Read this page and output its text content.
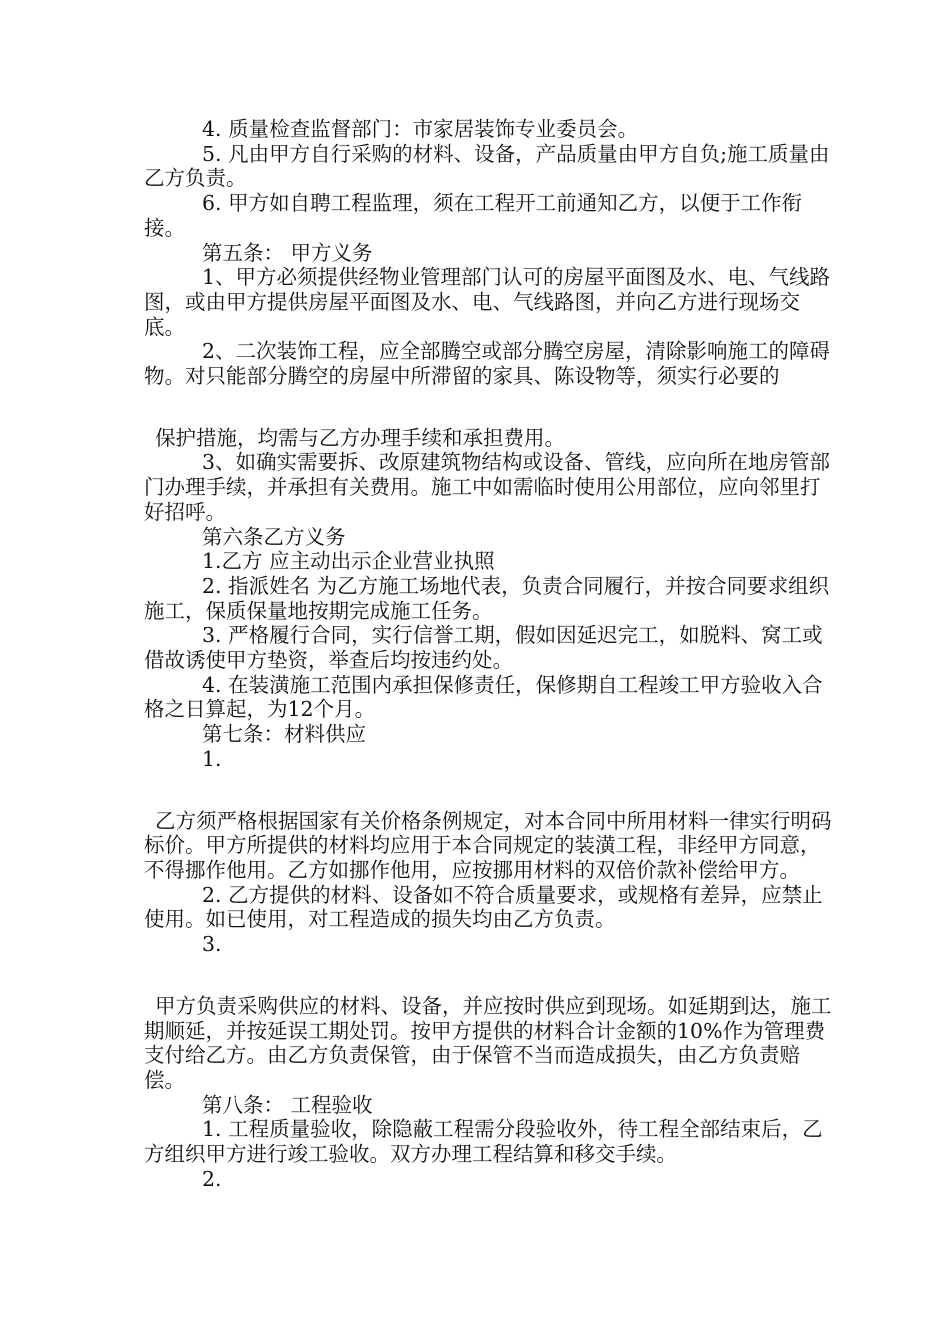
4. 质量检查监督部门：市家居装饰专业委员会。

5. 凡由甲方自行采购的材料、设备，产品质量由甲方自负;施工质量由乙方负责。

6. 甲方如自聘工程监理，须在工程开工前通知乙方，以便于工作衔接。

第五条： 甲方义务

1、甲方必须提供经物业管理部门认可的房屋平面图及水、电、气线路图，或由甲方提供房屋平面图及水、电、气线路图，并向乙方进行现场交底。

2、二次装饰工程，应全部腾空或部分腾空房屋，清除影响施工的障碍物。对只能部分腾空的房屋中所滞留的家具、陈设物等，须实行必要的

保护措施，均需与乙方办理手续和承担费用。

3、如确实需要拆、改原建筑物结构或设备、管线，应向所在地房管部门办理手续，并承担有关费用。施工中如需临时使用公用部位，应向邻里打好招呼。

第六条乙方义务

1.乙方 应主动出示企业营业执照

2. 指派姓名 为乙方施工场地代表，负责合同履行，并按合同要求组织施工，保质保量地按期完成施工任务。

3. 严格履行合同，实行信誉工期，假如因延迟完工，如脱料、窝工或借故诱使甲方垫资，举查后均按违约处。

4. 在装潢施工范围内承担保修责任，保修期自工程竣工甲方验收入合格之日算起，为12个月。

第七条：材料供应

1.

乙方须严格根据国家有关价格条例规定，对本合同中所用材料一律实行明码标价。甲方所提供的材料均应用于本合同规定的装潢工程，非经甲方同意，不得挪作他用。乙方如挪作他用，应按挪用材料的双倍价款补偿给甲方。

2. 乙方提供的材料、设备如不符合质量要求，或规格有差异，应禁止使用。如已使用，对工程造成的损失均由乙方负责。

3.

甲方负责采购供应的材料、设备，并应按时供应到现场。如延期到达，施工期顺延，并按延误工期处罚。按甲方提供的材料合计金额的10%作为管理费支付给乙方。由乙方负责保管，由于保管不当而造成损失，由乙方负责赔偿。

第八条： 工程验收

1. 工程质量验收，除隐蔽工程需分段验收外，待工程全部结束后，乙方组织甲方进行竣工验收。双方办理工程结算和移交手续。

2.
